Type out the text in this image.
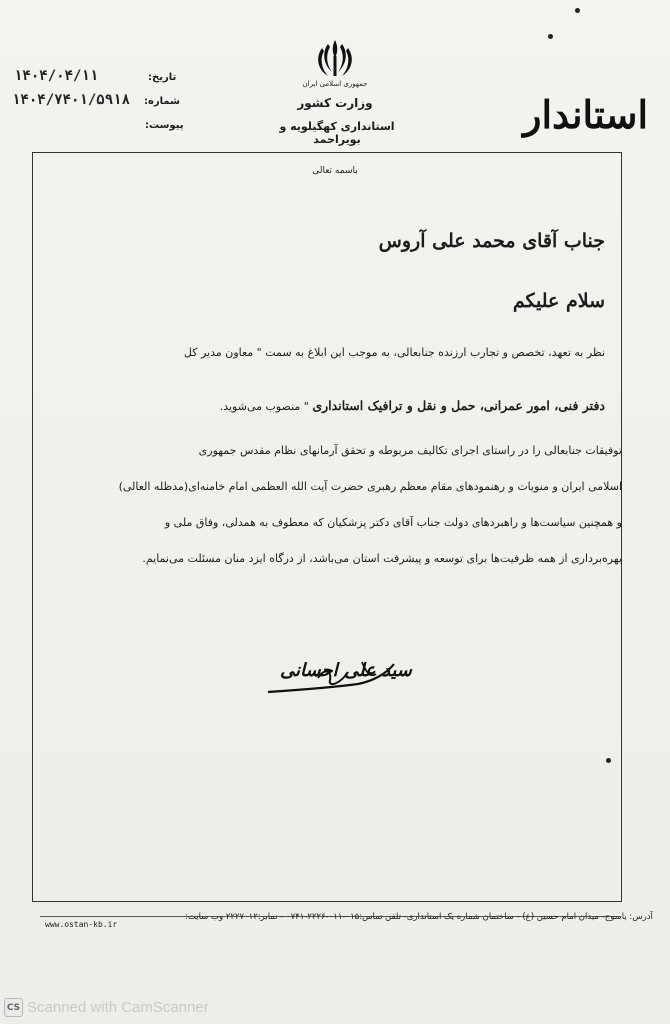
استاندار
جمهوری اسلامی ایران
وزارت کشور
استانداری کهگیلویه و بویراحمد
تاریخ:
شماره:
پیوست:
۱۴۰۴/۰۴/۱۱
۱۴۰۴/۷۴۰۱/۵۹۱۸
باسمه تعالی
جناب آقای محمد علی آروس
سلام علیکم
نظر به تعهد، تخصص و تجارب ارزنده جنابعالی، به موجب این ابلاغ به سمت " معاون مدیر کل
دفتر فنی، امور عمرانی، حمل و نقل و ترافیک استانداری " منصوب می‌شوید.
توفیقات جنابعالی را در راستای اجرای تکالیف مربوطه و تحقق آرمانهای نظام مقدس جمهوری
اسلامی ایران و منویات و رهنمودهای مقام معظم رهبری حضرت آیت الله العظمی امام خامنه‌ای(مدظله العالی)
و همچنین سیاست‌ها و راهبردهای دولت جناب آقای دکتر پزشکیان که معطوف به همدلی، وفاق ملی و
بهره‌برداری از همه ظرفیت‌ها برای توسعه و پیشرفت استان می‌باشد، از درگاه ایزد منان مسئلت می‌نمایم.
سید علی احسانی
آدرس: یاسوج- میدان امام حسین (ع) - ساختمان شماره یک استانداری- تلفن تماس:۰۱۵-۰۱۱-۲۲۲۶-۰۷۴۱ - نمابر:۲۲۲۷۰۱۲ وب سایت:
www.ostan-kb.ir
CS Scanned with CamScanner
